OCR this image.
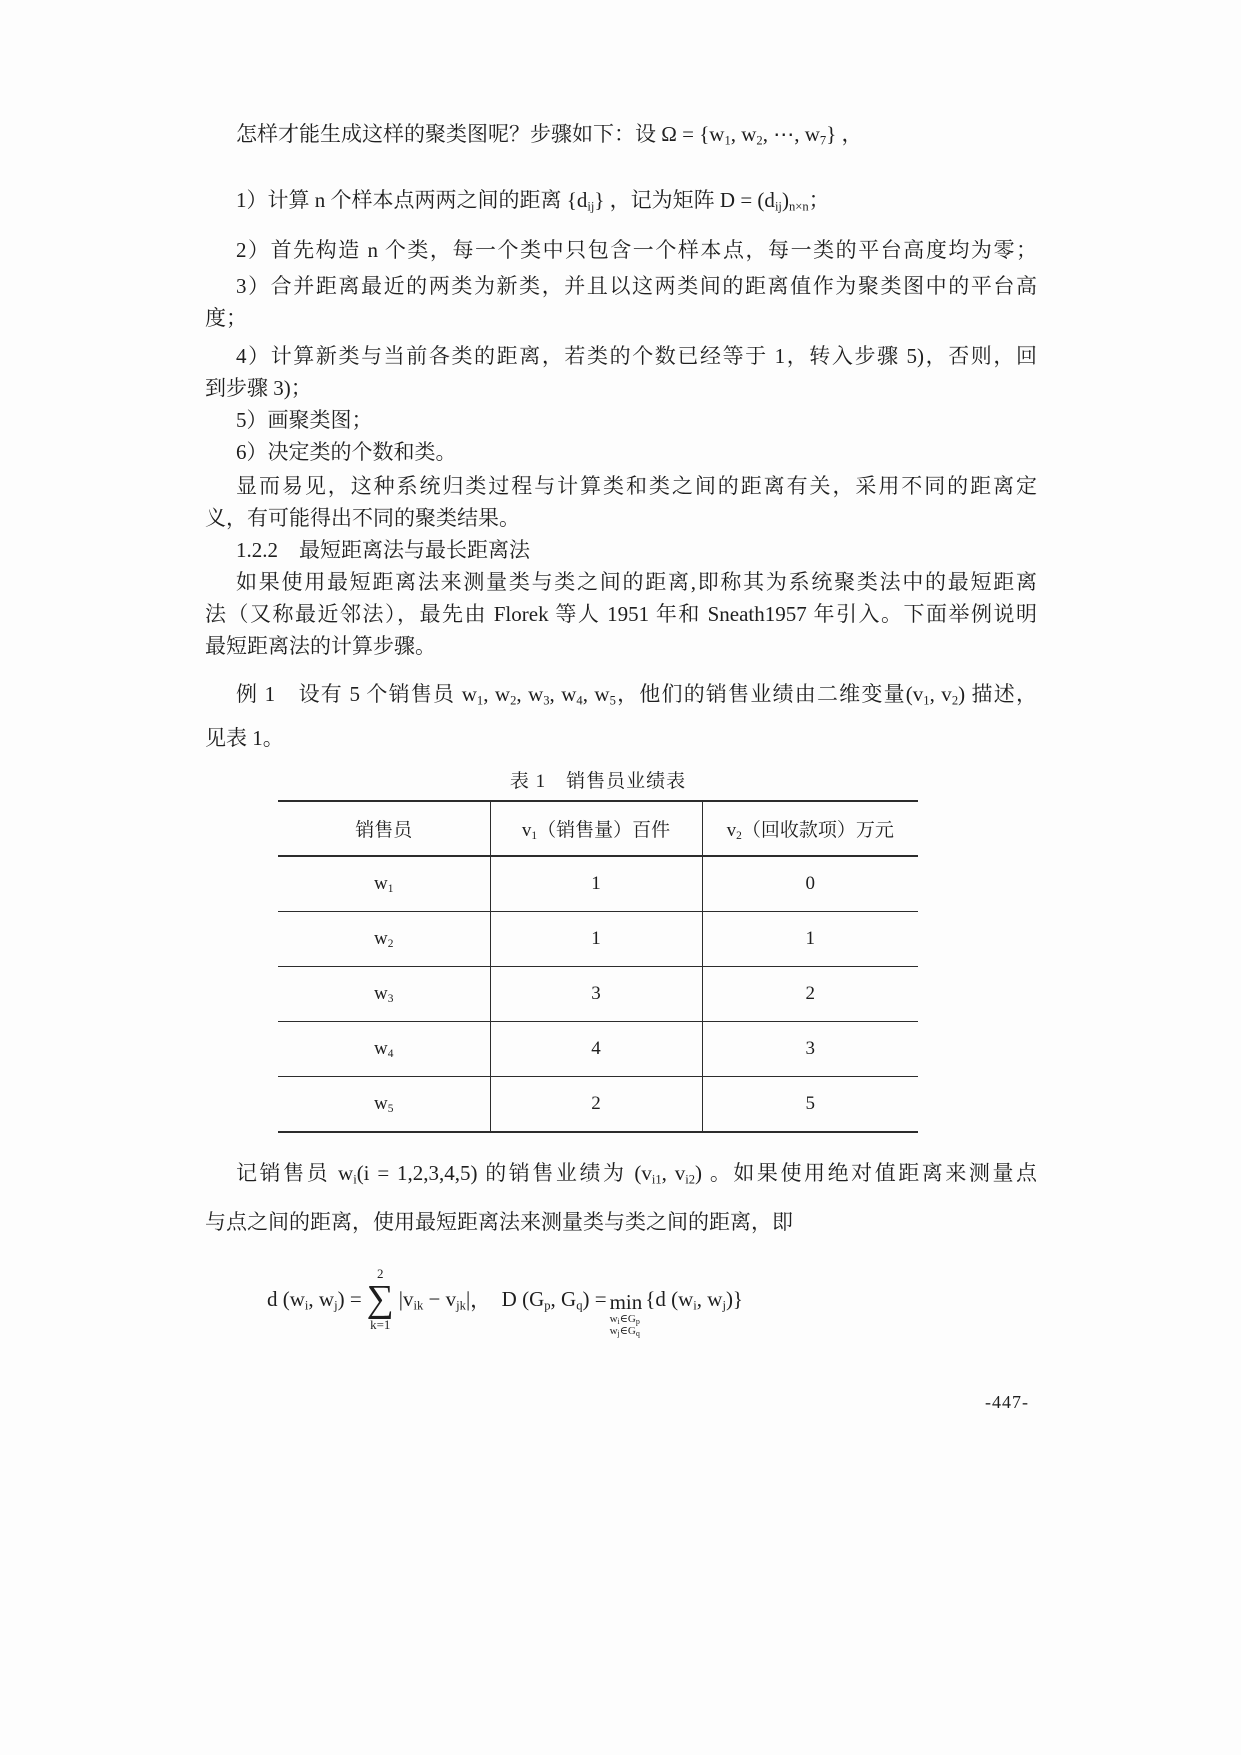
怎样才能生成这样的聚类图呢？步骤如下：设 $\Omega = \{w_1$, $w_2$, ⋯, $w_7$} ，
1）计算 n 个样本点两两之间的距离 $\{d_{ij}\}$ ，记为矩阵 $D = (d_{ij})_{n\times n}$；
2）首先构造 n 个类，每一个类中只包含一个样本点，每一类的平台高度均为零；
3）合并距离最近的两类为新类，并且以这两类间的距离值作为聚类图中的平台高
度；
4）计算新类与当前各类的距离，若类的个数已经等于 1，转入步骤 5)，否则，回
到步骤 3)；
5）画聚类图；
6）决定类的个数和类。
显而易见，这种系统归类过程与计算类和类之间的距离有关，采用不同的距离定
义，有可能得出不同的聚类结果。
1.2.2　最短距离法与最长距离法
如果使用最短距离法来测量类与类之间的距离,即称其为系统聚类法中的最短距离
法（又称最近邻法），最先由 Florek 等人 1951 年和 Sneath1957 年引入。下面举例说明
最短距离法的计算步骤。
例 1　设有 5 个销售员 $w_1$, $w_2$, $w_3$, $w_4$, $w_5$，他们的销售业绩由二维变量($v_1$, $v_2$) 描述，
见表 1。
表 1　销售员业绩表
销售员	$v_1$（销售量）百件	$v_2$（回收款项）万元
$w_1$	1	0
$w_2$	1	1
$w_3$	3	2
$w_4$	4	3
$w_5$	2	5
记销售员 $w_i(i = 1,2,3,4,5)$ 的销售业绩为 ($v_{i1}$, $v_{i2}$) 。如果使用绝对值距离来测量点
与点之间的距离，使用最短距离法来测量类与类之间的距离，即
d ($w_i$, $w_j$) =
2
∑
k=1
$|v_{ik} - v_{jk}|$ ，　 D ($G_p$, $G_q) = \min$
$w_i\in G_p$
$w_j\in G_q$
{d ($w_i$, $w_j$)}
-447-
